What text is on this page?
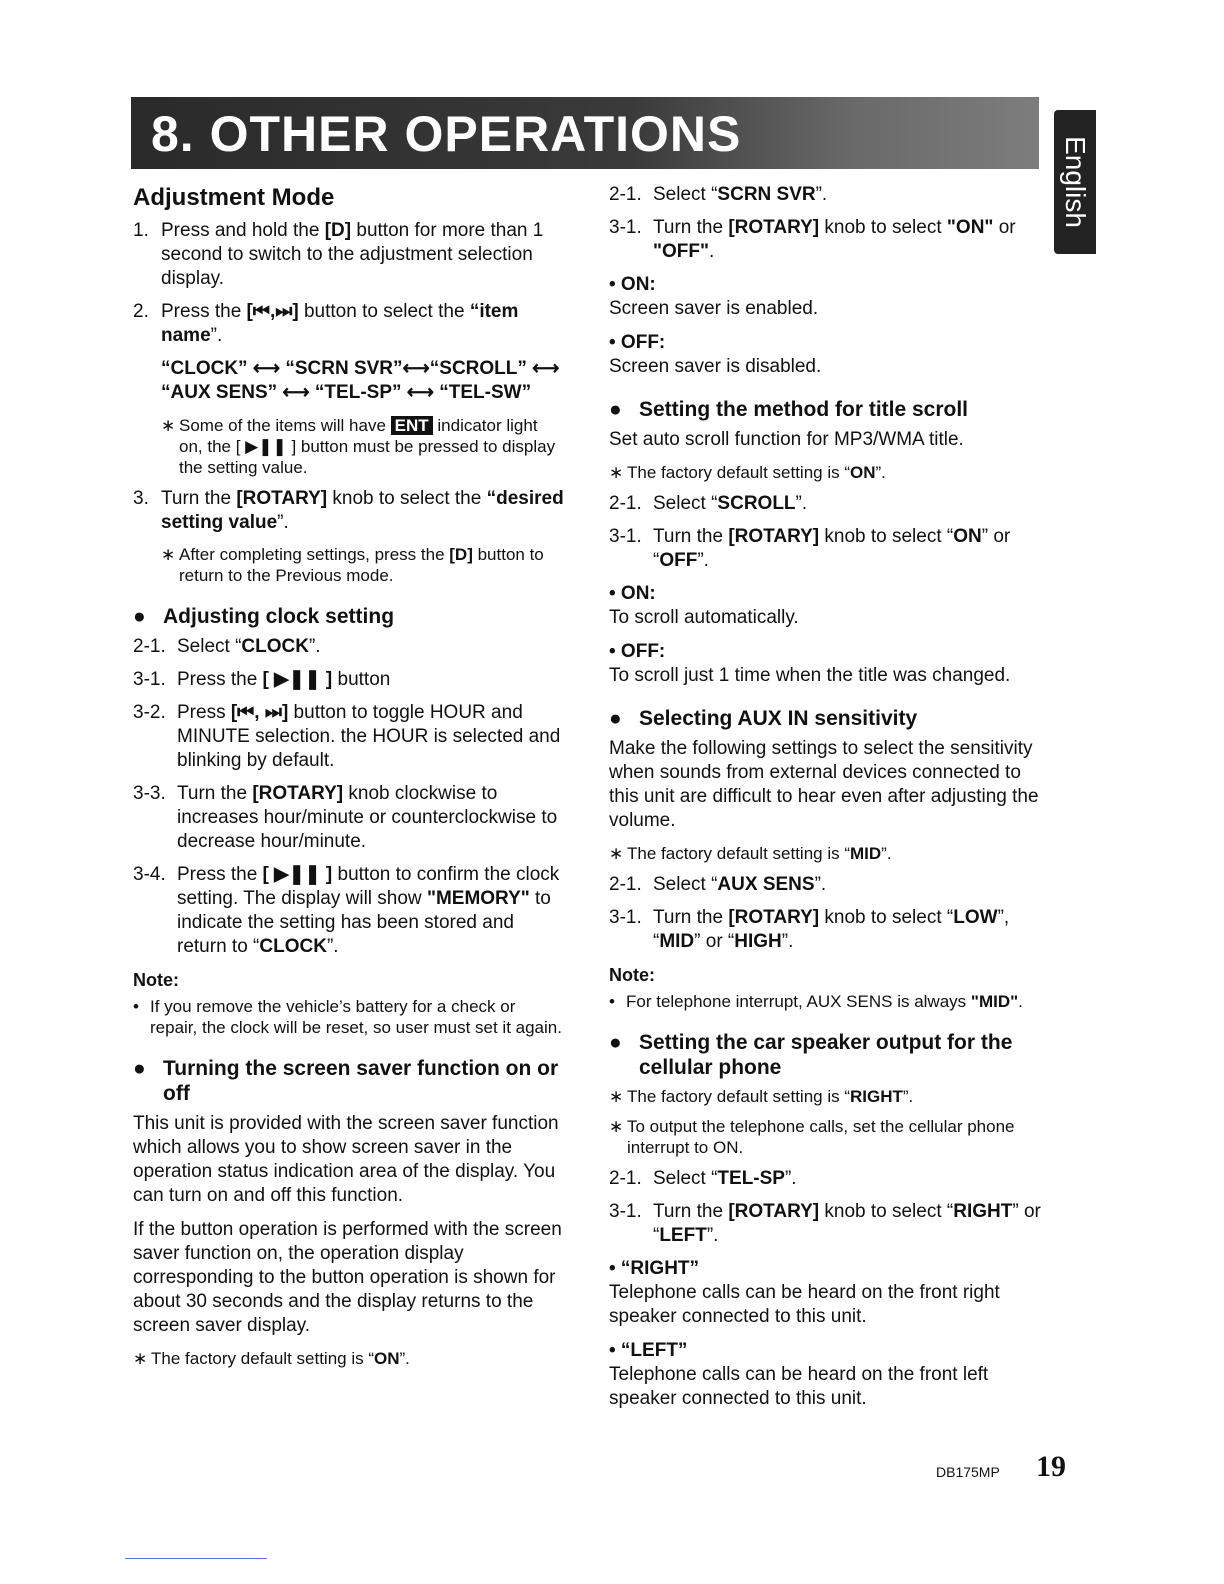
8. OTHER OPERATIONS
English
Adjustment Mode
1. Press and hold the [D] button for more than 1 second to switch to the adjustment selection display.
2. Press the [⏮,⏭] button to select the “item name”.
“CLOCK” ⟷ “SCRN SVR”⟷“SCROLL” ⟷ “AUX SENS” ⟷ “TEL-SP” ⟷ “TEL-SW”
∗ Some of the items will have ENT indicator light on, the [ ▶❚❚ ] button must be pressed to display the setting value.
3. Turn the [ROTARY] knob to select the “desired setting value”.
∗ After completing settings, press the [D] button to return to the Previous mode.
● Adjusting clock setting
2-1. Select “CLOCK”.
3-1. Press the [ ▶❚❚ ] button
3-2. Press [⏮, ⏭] button to toggle HOUR and MINUTE selection. the HOUR is selected and blinking by default.
3-3. Turn the [ROTARY] knob clockwise to increases hour/minute or counterclockwise to decrease hour/minute.
3-4. Press the [ ▶❚❚ ] button to confirm the clock setting. The display will show "MEMORY" to indicate the setting has been stored and return to “CLOCK”.
Note:
• If you remove the vehicle’s battery for a check or repair, the clock will be reset, so user must set it again.
● Turning the screen saver function on or off
This unit is provided with the screen saver function which allows you to show screen saver in the operation status indication area of the display. You can turn on and off this function.
If the button operation is performed with the screen saver function on, the operation display corresponding to the button operation is shown for about 30 seconds and the display returns to the screen saver display.
∗ The factory default setting is “ON”.
2-1. Select “SCRN SVR”.
3-1. Turn the [ROTARY] knob to select "ON" or "OFF".
• ON:
Screen saver is enabled.
• OFF:
Screen saver is disabled.
● Setting the method for title scroll
Set auto scroll function for MP3/WMA title.
∗ The factory default setting is “ON”.
2-1. Select “SCROLL”.
3-1. Turn the [ROTARY] knob to select “ON” or “OFF”.
• ON:
To scroll automatically.
• OFF:
To scroll just 1 time when the title was changed.
● Selecting AUX IN sensitivity
Make the following settings to select the sensitivity when sounds from external devices connected to this unit are difficult to hear even after adjusting the volume.
∗ The factory default setting is “MID”.
2-1. Select “AUX SENS”.
3-1. Turn the [ROTARY] knob to select “LOW”, “MID” or “HIGH”.
Note:
• For telephone interrupt, AUX SENS is always "MID".
● Setting the car speaker output for the cellular phone
∗ The factory default setting is “RIGHT”.
∗ To output the telephone calls, set the cellular phone interrupt to ON.
2-1. Select “TEL-SP”.
3-1. Turn the [ROTARY] knob to select “RIGHT” or “LEFT”.
• “RIGHT”
Telephone calls can be heard on the front right speaker connected to this unit.
• “LEFT”
Telephone calls can be heard on the front left speaker connected to this unit.
DB175MP 19
